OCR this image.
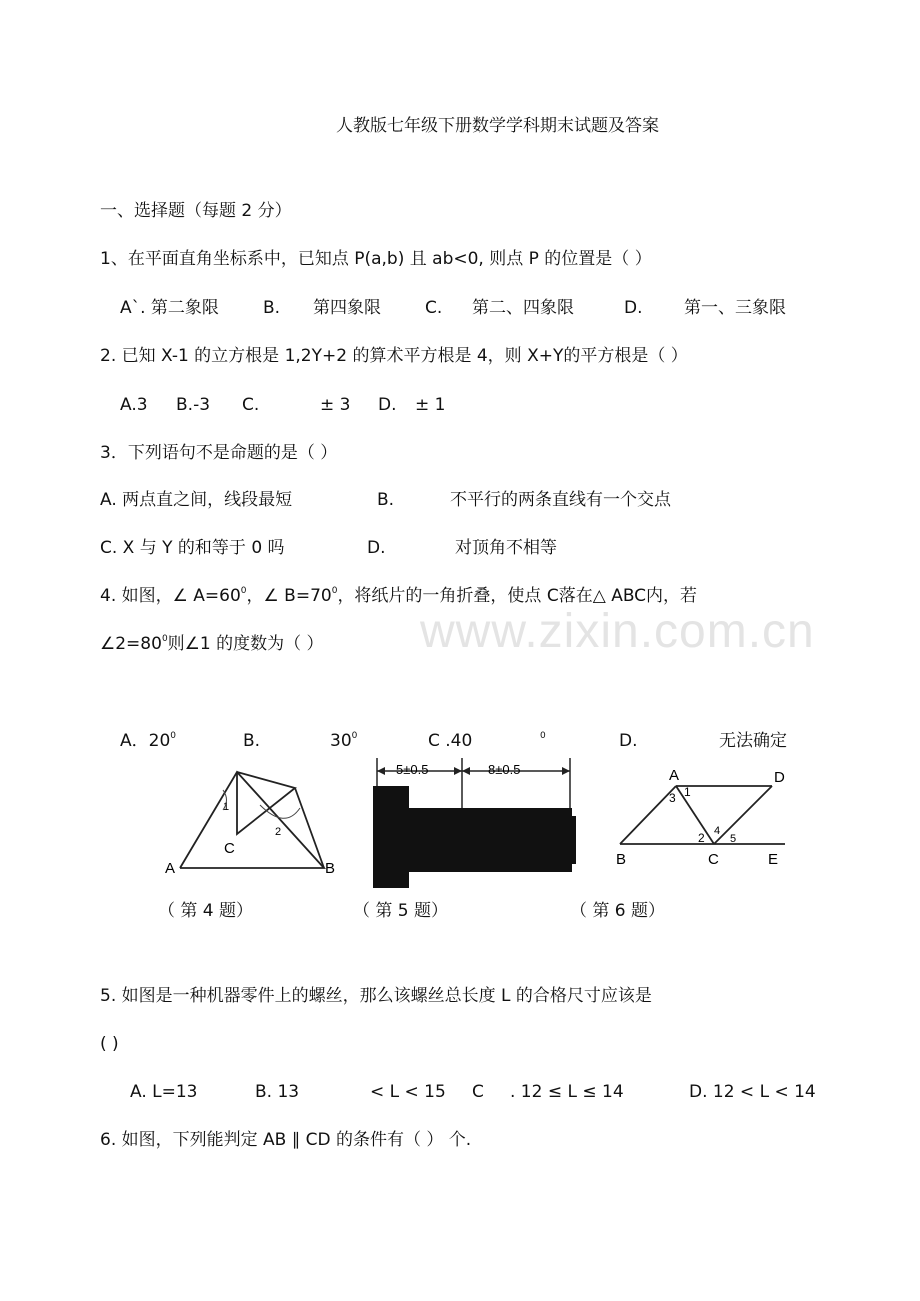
www.zixin.com.cn
人教版七年级下册数学学科期末试题及答案
一、选择题（每题 2 分）
1、在平面直角坐标系中，已知点 P(a,b) 且 ab<0, 则点 P 的位置是（ ）
A`. 第二象限	B. 第四象限	C. 第二、四象限	D. 第一、三象限
2. 已知 X-1 的立方根是 1,2Y+2 的算术平方根是 4，则 X+Y的平方根是（ ）
A.3 B.-3 C.	± 3 D. ± 1
3．下列语句不是命题的是（ ）
A. 两点直之间，线段最短	B.	不平行的两条直线有一个交点
C. X 与 Y 的和等于 0 吗	D.	对顶角不相等
4. 如图，∠ $A=60^0$，∠ $B=70^0$，将纸片的一角折叠，使点 C落在△ ABC内，若
$\angle 2=80^0$则∠1 的度数为（ ）
A．$20^0$	B.	$30^0$	C .40	$^0$	D.	无法确定
1
2
C
A	B
5±0.5	8±0.5	A	D
B	C	E
1
3
2 4
5
（ 第 4 题）	（ 第 5 题）	（ 第 6 题）
5. 如图是一种机器零件上的螺丝，那么该螺丝总长度 L 的合格尺寸应该是
( )
A. L=13	B. 13	< L < 15 C . 12 ≤ L ≤ 14	D. 12 < L < 14
6. 如图，下列能判定 AB ∥ CD 的条件有（ ） 个.
